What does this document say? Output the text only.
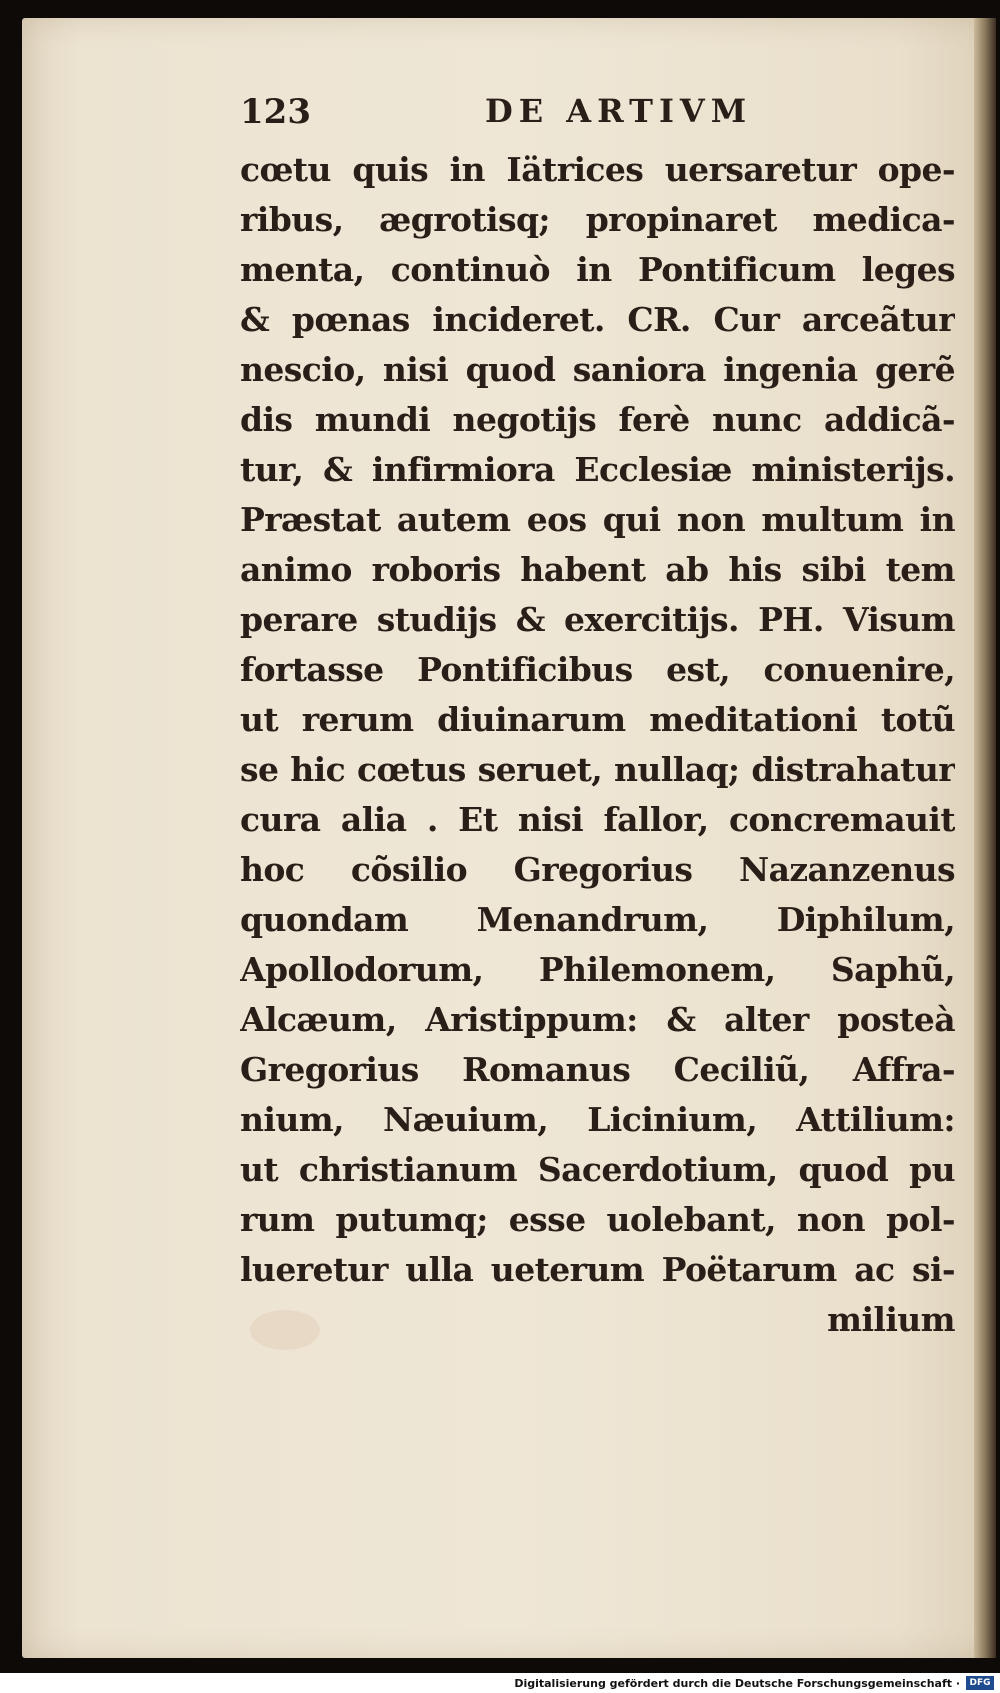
123	DE ARTIVM
cœtu quis in Iätrices uersaretur ope-
ribus, ægrotisq; propinaret medica-
menta, continuò in Pontificum leges
& pœnas incideret. CR. Cur arceãtur
nescio, nisi quod saniora ingenia gerẽ
dis mundi negotijs ferè nunc addicã-
tur, & infirmiora Ecclesiæ ministerijs.
Præstat autem eos qui non multum in
animo roboris habent ab his sibi tem
perare studijs & exercitijs. PH. Visum
fortasse Pontificibus est, conuenire,
ut rerum diuinarum meditationi totũ
se hic cœtus seruet, nullaq; distrahatur
cura alia . Et nisi fallor, concremauit
hoc cõsilio Gregorius Nazanzenus
quondam Menandrum, Diphilum,
Apollodorum, Philemonem, Saphũ,
Alcæum, Aristippum: & alter posteà
Gregorius Romanus Ceciliũ, Affra-
nium, Næuium, Licinium, Attilium:
ut christianum Sacerdotium, quod pu
rum putumq; esse uolebant, non pol-
lueretur ulla ueterum Poëtarum ac si-
milium
Digitalisierung gefördert durch die Deutsche Forschungsgemeinschaft ·	DFG
